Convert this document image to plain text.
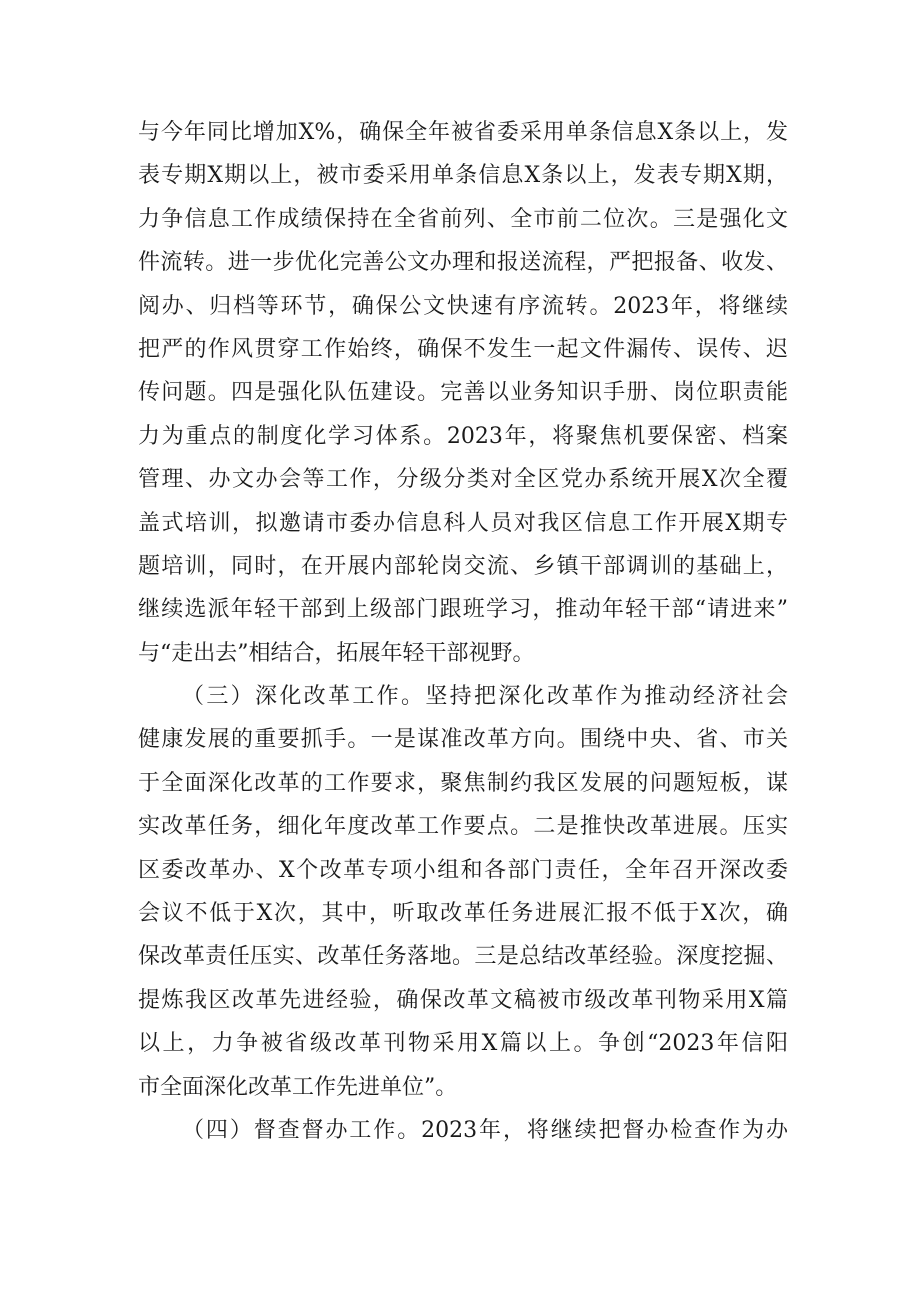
与今年同比增加X%，确保全年被省委采用单条信息X条以上，发
表专期X期以上，被市委采用单条信息X条以上，发表专期X期，
力争信息工作成绩保持在全省前列、全市前二位次。三是强化文
件流转。进一步优化完善公文办理和报送流程，严把报备、收发、
阅办、归档等环节，确保公文快速有序流转。2023年，将继续
把严的作风贯穿工作始终，确保不发生一起文件漏传、误传、迟
传问题。四是强化队伍建设。完善以业务知识手册、岗位职责能
力为重点的制度化学习体系。2023年，将聚焦机要保密、档案
管理、办文办会等工作，分级分类对全区党办系统开展X次全覆
盖式培训，拟邀请市委办信息科人员对我区信息工作开展X期专
题培训，同时，在开展内部轮岗交流、乡镇干部调训的基础上，
继续选派年轻干部到上级部门跟班学习，推动年轻干部“请进来”
与“走出去”相结合，拓展年轻干部视野。
（三）深化改革工作。坚持把深化改革作为推动经济社会
健康发展的重要抓手。一是谋准改革方向。围绕中央、省、市关
于全面深化改革的工作要求，聚焦制约我区发展的问题短板，谋
实改革任务，细化年度改革工作要点。二是推快改革进展。压实
区委改革办、X个改革专项小组和各部门责任，全年召开深改委
会议不低于X次，其中，听取改革任务进展汇报不低于X次，确
保改革责任压实、改革任务落地。三是总结改革经验。深度挖掘、
提炼我区改革先进经验，确保改革文稿被市级改革刊物采用X篇
以上，力争被省级改革刊物采用X篇以上。争创“2023年信阳
市全面深化改革工作先进单位”。
（四）督查督办工作。2023年，将继续把督办检查作为办
